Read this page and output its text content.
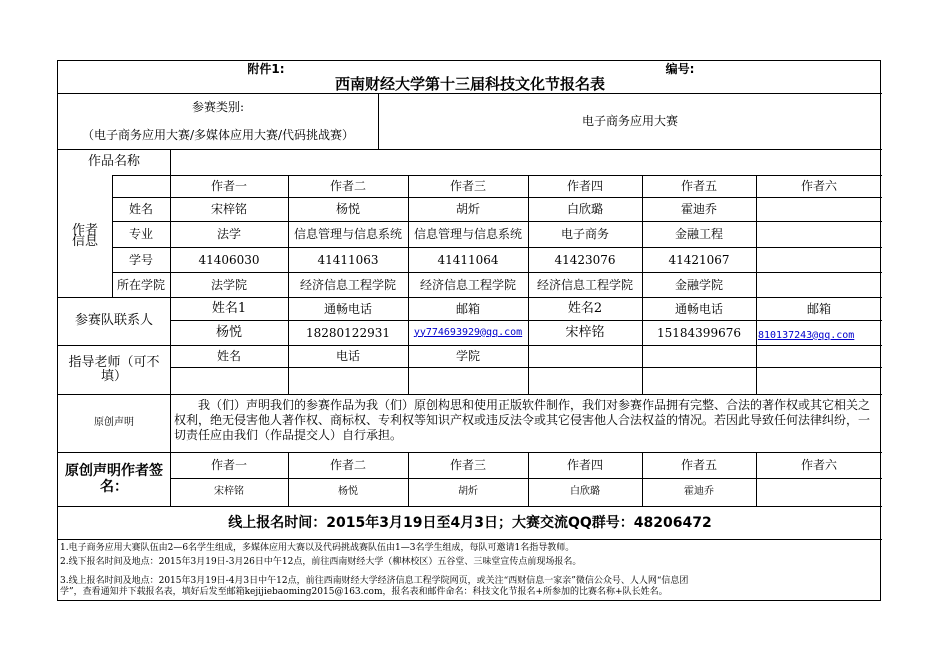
附件1:	编号:
西南财经大学第十三届科技文化节报名表
参赛类别:
（电子商务应用大赛/多媒体应用大赛/代码挑战赛）
电子商务应用大赛
作品名称
作者信息
作者一	作者二	作者三	作者四	作者五	作者六
姓名	宋梓铭	杨悦	胡炘	白欣璐	霍迪乔
专业	法学	信息管理与信息系统 信息管理与信息系统	电子商务	金融工程
学号	41406030	41411063	41411064	41423076	41421067
所在学院	法学院	经济信息工程学院	经济信息工程学院	经济信息工程学院	金融学院
参赛队联系人
姓名1	通畅电话	邮箱	姓名2	通畅电话	邮箱
杨悦	18280122931	yy774693929@qq.com	宋梓铭	15184399676	810137243@qq.com
指导老师（可不填）
姓名	电话	学院
原创声明
我（们）声明我们的参赛作品为我（们）原创构思和使用正版软件制作，我们对参赛作品拥有完整、合法的著作权或其它相关之权利，绝无侵害他人著作权、商标权、专利权等知识产权或违反法令或其它侵害他人合法权益的情况。若因此导致任何法律纠纷，一切责任应由我们（作品提交人）自行承担。
原创声明作者签名：
作者一	作者二	作者三	作者四	作者五	作者六
宋梓铭	杨悦	胡炘	白欣璐	霍迪乔
线上报名时间：2015年3月19日至4月3日；大赛交流QQ群号：48206472
1.电子商务应用大赛队伍由2—6名学生组成，多媒体应用大赛以及代码挑战赛队伍由1—3名学生组成，每队可邀请1名指导教师。
2.线下报名时间及地点：2015年3月19日-3月26日中午12点，前往西南财经大学（柳林校区）五谷堂、三味堂宣传点前现场报名。
3.线上报名时间及地点：2015年3月19日-4月3日中午12点，前往西南财经大学经济信息工程学院网页，或关注“西财信息一家亲”微信公众号、人人网“信息团
学”，查看通知并下载报名表，填好后发至邮箱kejijiebaoming2015@163.com，报名表和邮件命名：科技文化节报名+所参加的比赛名称+队长姓名。
